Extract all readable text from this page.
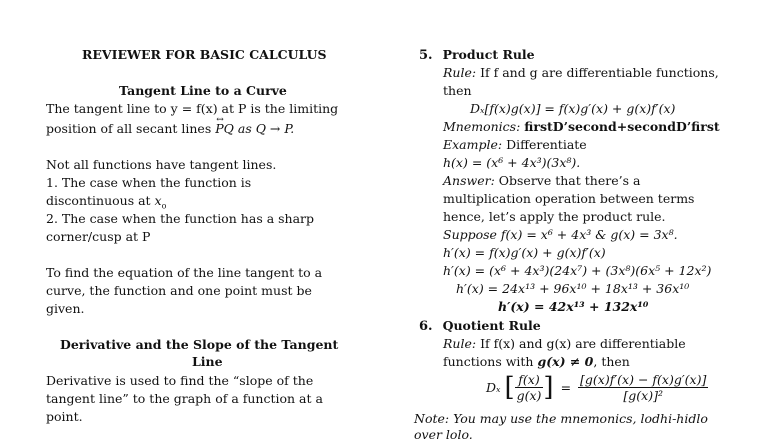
REVIEWER FOR BASIC CALCULUS
Tangent Line to a Curve
The tangent line to y = f(x) at P is the limiting
position of all secant lines ↔ PQ as Q → P.
Not all functions have tangent lines.
1. The case when the function is
discontinuous at $x_o$
2. The case when the function has a sharp
corner/cusp at P
To find the equation of the line tangent to a
curve, the function and one point must be
given.
Derivative and the Slope of the Tangent
Line
Derivative is used to find the “slope of the
tangent line” to the graph of a function at a
point.
5. Product Rule
Rule: If f and g are differentiable functions,
then
Dₓ[f(x)g(x)] = f(x)g′(x) + g(x)f′(x)
Mnemonics: firstD’second+secondD’first
Example: Differentiate
h(x) = (x⁶ + 4x³)(3x⁸).
Answer: Observe that there’s a
multiplication operation between terms
hence, let’s apply the product rule.
Suppose f(x) = x⁶ + 4x³ & g(x) = 3x⁸.
h′(x) = f(x)g′(x) + g(x)f′(x)
h′(x) = (x⁶ + 4x³)(24x⁷) + (3x⁸)(6x⁵ + 12x²)
h′(x) = 24x¹³ + 96x¹⁰ + 18x¹³ + 36x¹⁰
h′(x) = 42x¹³ + 132x¹⁰
6. Quotient Rule
Rule: If f(x) and g(x) are differentiable
functions with g(x) ≠ 0, then
Dₓ [ $\frac{f(x)}{g(x)}$ ] = $\frac{[g(x)f'(x) - f(x)g'(x)]}{\text{[g(x)]²}}$
Note: You may use the mnemonics, lodhi-hidlo
over lolo.
